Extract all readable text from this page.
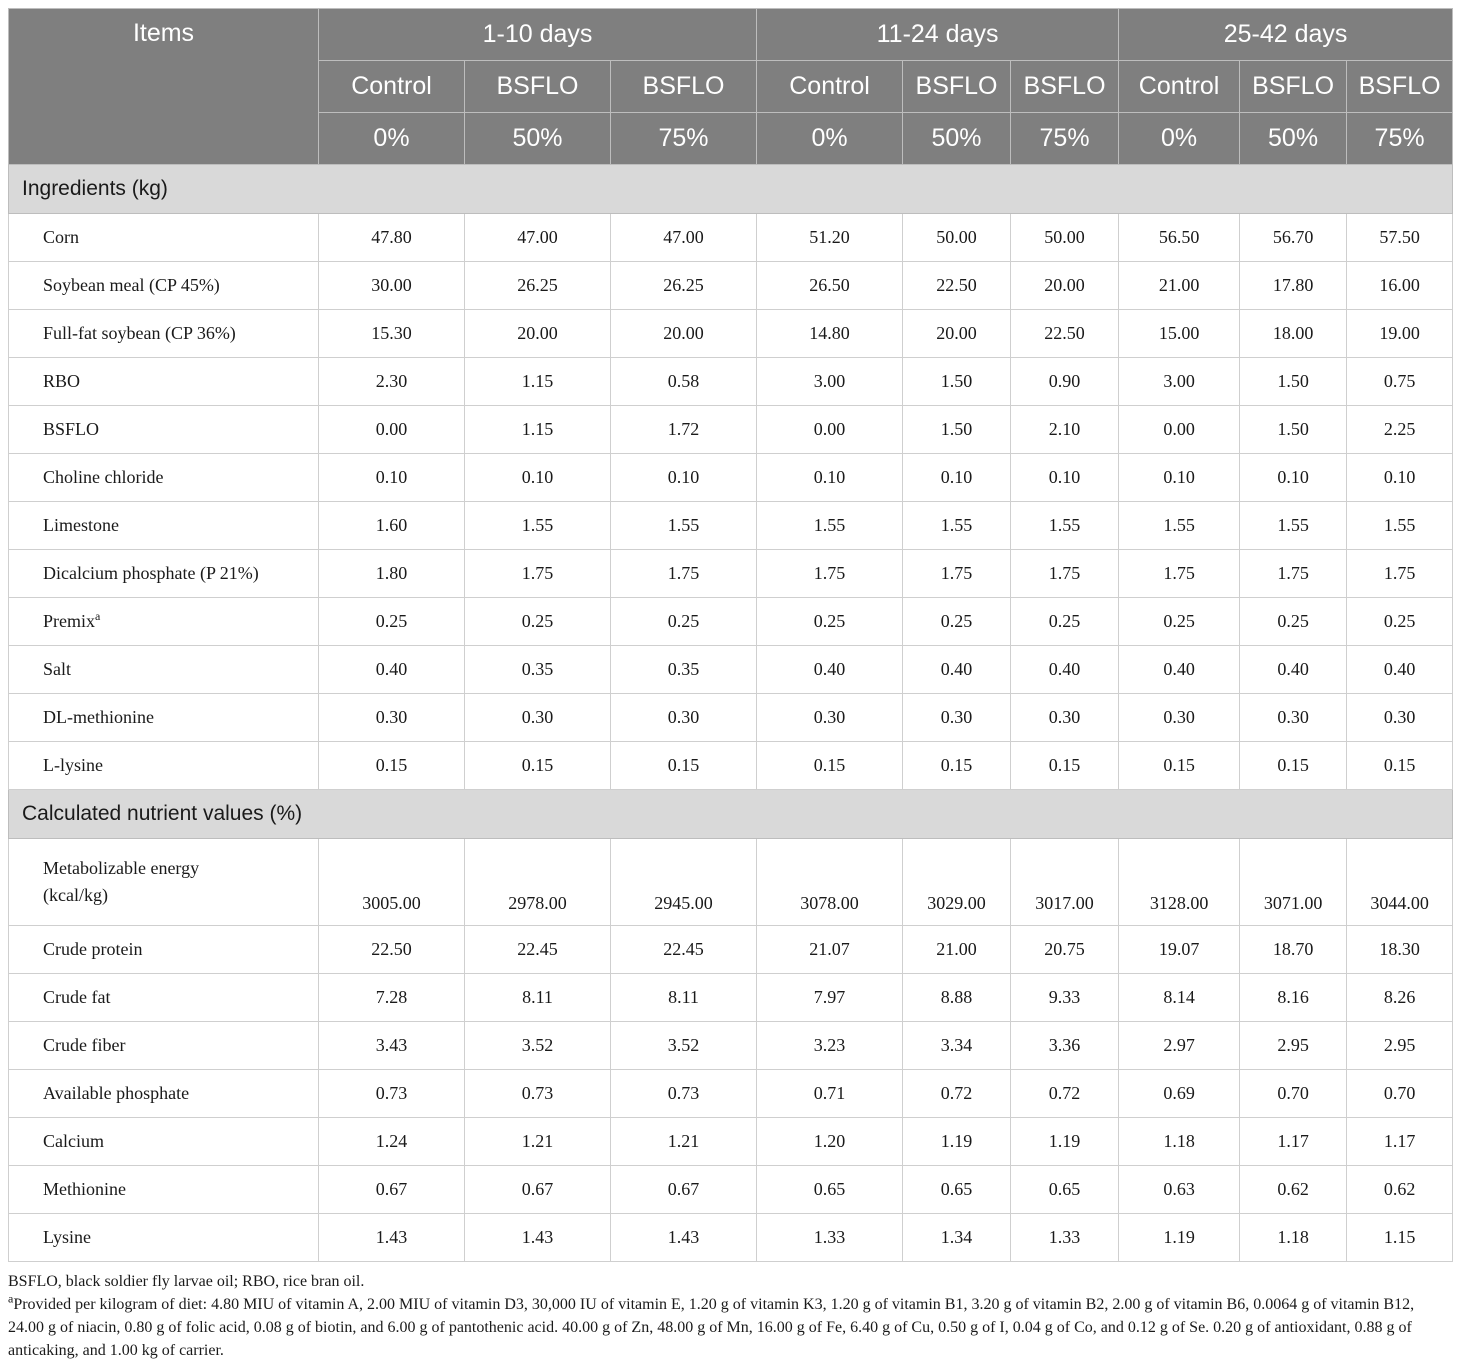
Items	1-10 days			11-24 days			25-42 days		
	Control	BSFLO	BSFLO	Control	BSFLO	BSFLO	Control	BSFLO	BSFLO
	0%	50%	75%	0%	50%	75%	0%	50%	75%
Ingredients (kg)									
Corn	47.80	47.00	47.00	51.20	50.00	50.00	56.50	56.70	57.50
Soybean meal (CP 45%)	30.00	26.25	26.25	26.50	22.50	20.00	21.00	17.80	16.00
Full-fat soybean (CP 36%)	15.30	20.00	20.00	14.80	20.00	22.50	15.00	18.00	19.00
RBO	2.30	1.15	0.58	3.00	1.50	0.90	3.00	1.50	0.75
BSFLO	0.00	1.15	1.72	0.00	1.50	2.10	0.00	1.50	2.25
Choline chloride	0.10	0.10	0.10	0.10	0.10	0.10	0.10	0.10	0.10
Limestone	1.60	1.55	1.55	1.55	1.55	1.55	1.55	1.55	1.55
Dicalcium phosphate (P 21%)	1.80	1.75	1.75	1.75	1.75	1.75	1.75	1.75	1.75
Premix$^a$	0.25	0.25	0.25	0.25	0.25	0.25	0.25	0.25	0.25
Salt	0.40	0.35	0.35	0.40	0.40	0.40	0.40	0.40	0.40
DL-methionine	0.30	0.30	0.30	0.30	0.30	0.30	0.30	0.30	0.30
L-lysine	0.15	0.15	0.15	0.15	0.15	0.15	0.15	0.15	0.15
Calculated nutrient values (%)									
Metabolizable energy
(kcal/kg)	3005.00	2978.00	2945.00	3078.00	3029.00	3017.00	3128.00	3071.00	3044.00
Crude protein	22.50	22.45	22.45	21.07	21.00	20.75	19.07	18.70	18.30
Crude fat	7.28	8.11	8.11	7.97	8.88	9.33	8.14	8.16	8.26
Crude fiber	3.43	3.52	3.52	3.23	3.34	3.36	2.97	2.95	2.95
Available phosphate	0.73	0.73	0.73	0.71	0.72	0.72	0.69	0.70	0.70
Calcium	1.24	1.21	1.21	1.20	1.19	1.19	1.18	1.17	1.17
Methionine	0.67	0.67	0.67	0.65	0.65	0.65	0.63	0.62	0.62
Lysine	1.43	1.43	1.43	1.33	1.34	1.33	1.19	1.18	1.15

BSFLO, black soldier fly larvae oil; RBO, rice bran oil.

$^a$Provided per kilogram of diet: 4.80 MIU of vitamin A, 2.00 MIU of vitamin D3, 30,000 IU of vitamin E, 1.20 g of vitamin K3, 1.20 g of vitamin B1, 3.20 g of vitamin B2, 2.00 g of vitamin B6, 0.0064 g of vitamin B12, 24.00 g of niacin, 0.80 g of folic acid, 0.08 g of biotin, and 6.00 g of pantothenic acid. 40.00 g of Zn, 48.00 g of Mn, 16.00 g of Fe, 6.40 g of Cu, 0.50 g of I, 0.04 g of Co, and 0.12 g of Se. 0.20 g of antioxidant, 0.88 g of anticaking, and 1.00 kg of carrier.
